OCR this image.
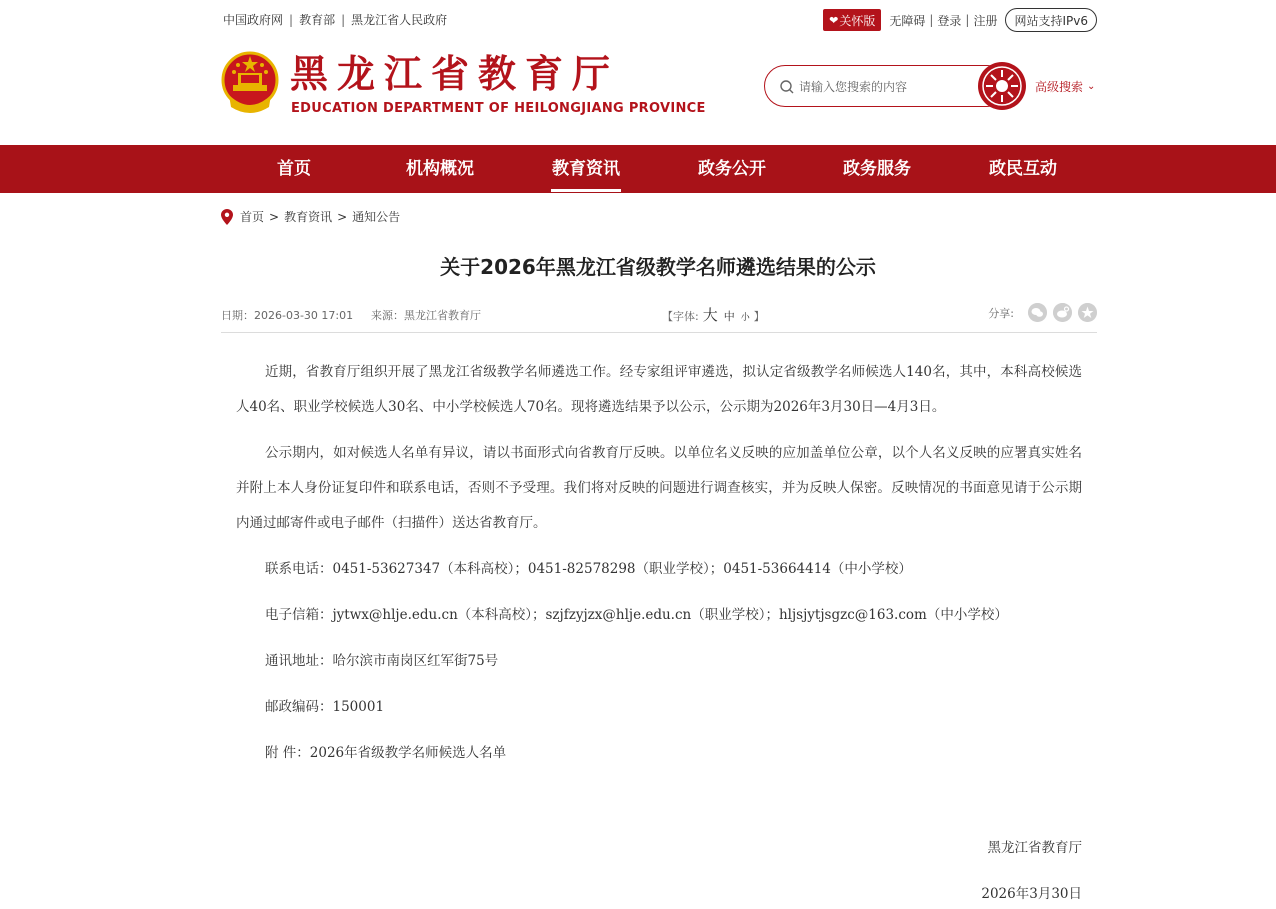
中国政府网 | 教育部 | 黑龙江省人民政府	❤ 关怀版 无障碍 | 登录 | 注册	网站支持IPv6
黑龙江省教育厅
EDUCATION DEPARTMENT OF HEILONGJIANG PROVINCE
请输入您搜索的内容
高级搜索 ⌄
首页	机构概况	教育资讯	政务公开	政务服务	政民互动
首页 > 教育资讯 > 通知公告
关于2026年黑龙江省级教学名师遴选结果的公示
日期：2026-03-30 17:01 来源：黑龙江省教育厅	【字体: 大 中 小 】	分享:

近期，省教育厅组织开展了黑龙江省级教学名师遴选工作。经专家组评审遴选，拟认定省级教学名师候选人140名，其中，本科高校候选人40名、职业学校候选人30名、中小学校候选人70名。现将遴选结果予以公示，公示期为2026年3月30日—4月3日。

公示期内，如对候选人名单有异议，请以书面形式向省教育厅反映。以单位名义反映的应加盖单位公章，以个人名义反映的应署真实姓名并附上本人身份证复印件和联系电话，否则不予受理。我们将对反映的问题进行调查核实，并为反映人保密。反映情况的书面意见请于公示期内通过邮寄件或电子邮件（扫描件）送达省教育厅。

联系电话：0451-53627347（本科高校）；0451-82578298（职业学校）；0451-53664414（中小学校）

电子信箱：jytwx@hlje.edu.cn（本科高校）；szjfzyjzx@hlje.edu.cn（职业学校）；hljsjytjsgzc@163.com（中小学校）

通讯地址：哈尔滨市南岗区红军街75号

邮政编码：150001

附 件：2026年省级教学名师候选人名单

黑龙江省教育厅
2026年3月30日
